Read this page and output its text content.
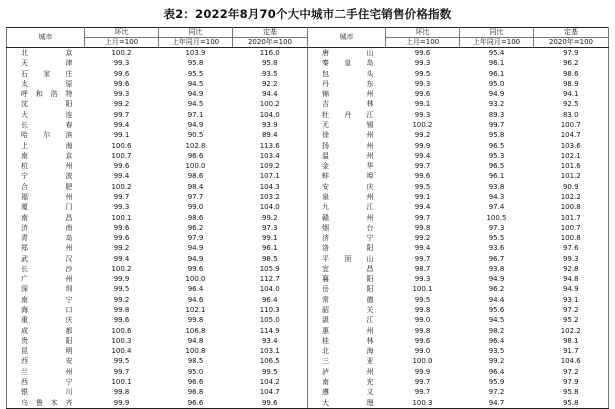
表2：2022年8月70个大中城市二手住宅销售价格指数
城市	环比	同比	定基	城市	环比	同比	定基
	上月=100	上年同月=100	2020年=100		上月=100	上年同月=100	2020年=100
北　京	100.2	103.9	116.0	唐　山	99.6	95.4	97.9
天　津	99.3	95.8	95.8	秦皇岛	99.3	96.1	96.2
石家庄	99.6	95.5	93.5	包　头	99.5	96.1	98.6
太　原	99.6	94.5	92.2	丹　东	99.3	95.0	98.9
呼和浩特	99.3	94.9	94.4	锦　州	99.6	94.9	94.1
沈　阳	99.2	94.5	100.2	吉　林	99.1	93.2	92.5
大　连	99.7	97.1	104.0	牡丹江	99.3	89.3	83.0
长　春	99.4	94.9	93.9	无　锡	100.2	99.7	100.7
哈尔滨	99.1	90.5	89.4	徐　州	99.2	95.8	104.7
上　海	100.6	102.8	113.6	扬　州	99.9	96.5	103.6
南　京	100.7	96.6	103.4	温　州	99.4	95.3	102.1
杭　州	99.6	100.0	109.2	金　华	99.7	96.5	101.6
宁　波	99.4	98.6	107.1	蚌　埠	99.6	96.1	101.2
合　肥	100.2	98.4	104.3	安　庆	99.5	93.8	90.9
福　州	99.7	97.7	103.2	泉　州	99.1	94.3	102.2
厦　门	99.3	99.0	104.0	九　江	99.4	97.4	100.8
南　昌	100.1	98.6	99.2	赣　州	99.7	100.5	101.7
济　南	99.6	96.2	97.3	烟　台	99.8	97.3	100.7
青　岛	99.6	97.9	99.1	济　宁	99.2	95.5	100.8
郑　州	99.2	94.9	96.1	洛　阳	99.4	93.6	97.6
武　汉	99.4	94.9	98.5	平顶山	99.7	96.7	99.3
长　沙	100.2	99.6	105.9	宜　昌	98.7	93.8	92.8
广　州	99.9	100.0	112.7	襄　阳	99.3	94.9	94.8
深　圳	99.5	96.4	104.0	岳　阳	100.1	96.2	94.9
南　宁	99.2	94.6	96.4	常　德	99.5	94.4	93.1
海　口	99.8	102.1	110.3	韶　关	99.8	95.6	97.2
重　庆	99.6	99.8	105.0	湛　江	99.0	94.5	95.2
成　都	100.6	106.8	114.9	惠　州	99.8	98.2	102.2
贵　阳	100.3	94.8	93.4	桂　林	99.6	96.4	98.1
昆　明	100.4	100.8	103.1	北　海	99.0	93.5	91.7
西　安	99.5	98.5	106.5	三　亚	100.0	99.2	104.6
兰　州	99.7	95.0	99.5	泸　州	99.9	96.4	97.2
西　宁	100.1	96.6	104.2	南　充	99.7	95.9	97.9
银　川	99.8	96.8	104.7	遵　义	99.7	97.2	95.8
乌鲁木齐	99.9	96.6	99.6	大　理	100.3	94.7	95.8
